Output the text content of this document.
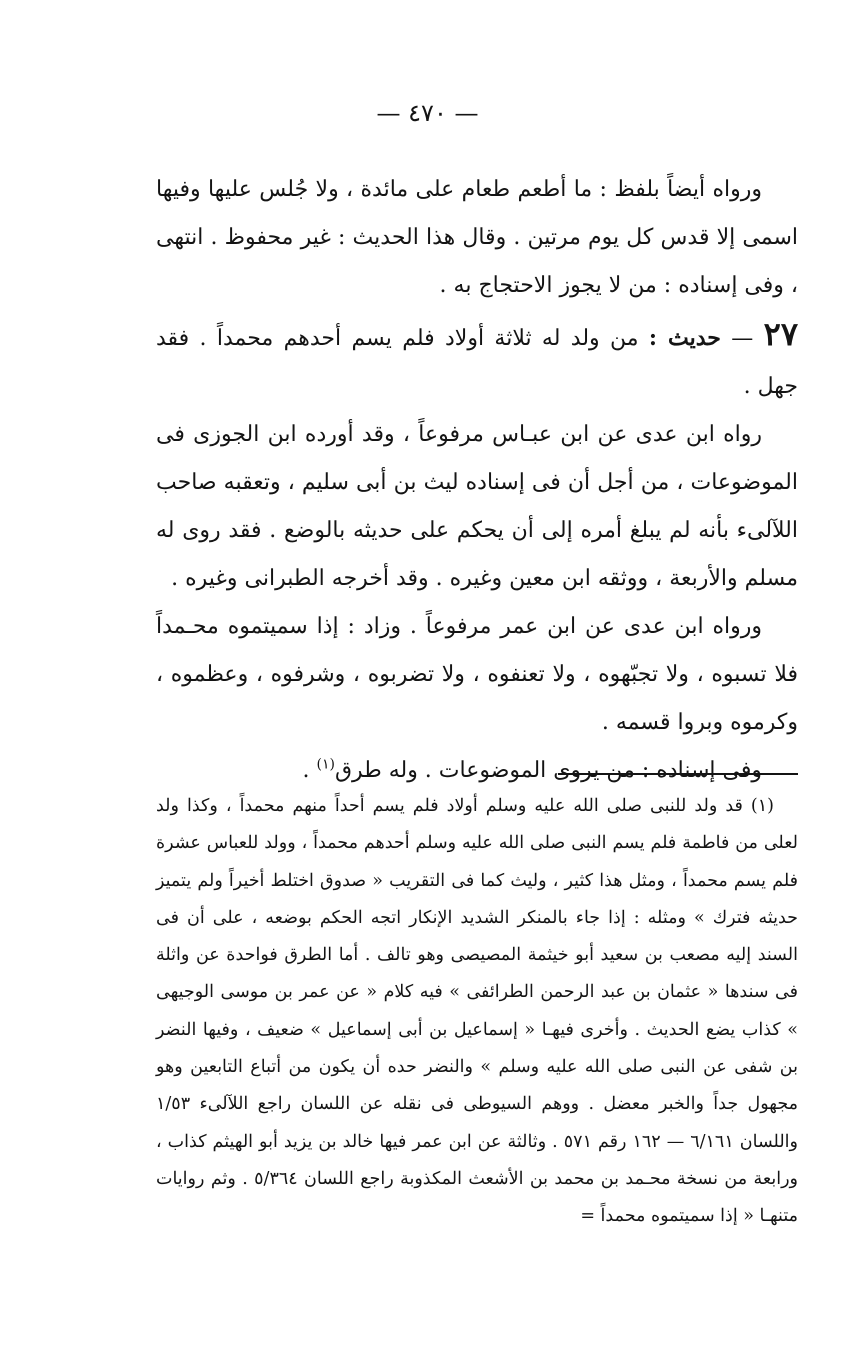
— ٤٧٠ —

ورواه أيضاً بلفظ : ما أطعم طعام على مائدة ، ولا جُلس عليها وفيها اسمى إلا قدس كل يوم مرتين . وقال هذا الحديث : غير محفوظ . انتهى ، وفى إسناده : من لا يجوز الاحتجاج به .

٢٧ — حديث : من ولد له ثلاثة أولاد فلم يسم أحدهم محمداً . فقد جهل .

رواه ابن عدى عن ابن عبـاس مرفوعاً ، وقد أورده ابن الجوزى فى الموضوعات ، من أجل أن فى إسناده ليث بن أبى سليم ، وتعقبه صاحب اللآلىء بأنه لم يبلغ أمره إلى أن يحكم على حديثه بالوضع . فقد روى له مسلم والأربعة ، ووثقه ابن معين وغيره . وقد أخرجه الطبرانى وغيره .

ورواه ابن عدى عن ابن عمر مرفوعاً . وزاد : إذا سميتموه محـمداً فلا تسبوه ، ولا تجبّهوه ، ولا تعنفوه ، ولا تضربوه ، وشرفوه ، وعظموه ، وكرموه وبروا قسمه .

وفى إسناده : من يروى الموضوعات . وله طرق$^{(١)}$ .

(١) قد ولد للنبى صلى الله عليه وسلم أولاد فلم يسم أحداً منهم محمداً ، وكذا ولد لعلى من فاطمة فلم يسم النبى صلى الله عليه وسلم أحدهم محمداً ، وولد للعباس عشرة فلم يسم محمداً ، ومثل هذا كثير ، وليث كما فى التقريب « صدوق اختلط أخيراً ولم يتميز حديثه فترك » ومثله : إذا جاء بالمنكر الشديد الإنكار اتجه الحكم بوضعه ، على أن فى السند إليه مصعب بن سعيد أبو خيثمة المصيصى وهو تالف . أما الطرق فواحدة عن واثلة فى سندها « عثمان بن عبد الرحمن الطرائفى » فيه كلام « عن عمر بن موسى الوجيهى » كذاب يضع الحديث . وأخرى فيهـا « إسماعيل بن أبى إسماعيل » ضعيف ، وفيها النضر بن شفى عن النبى صلى الله عليه وسلم » والنضر حده أن يكون من أتباع التابعين وهو مجهول جداً والخبر معضل . ووهم السيوطى فى نقله عن اللسان راجع اللآلىء ١/٥٣ واللسان ٦/١٦١ — ١٦٢ رقم ٥٧١ . وثالثة عن ابن عمر فيها خالد بن يزيد أبو الهيثم كذاب ، ورابعة من نسخة محـمد بن محمد بن الأشعث المكذوبة راجع اللسان ٥/٣٦٤ . وثم روايات متنهـا « إذا سميتموه محمداً =
